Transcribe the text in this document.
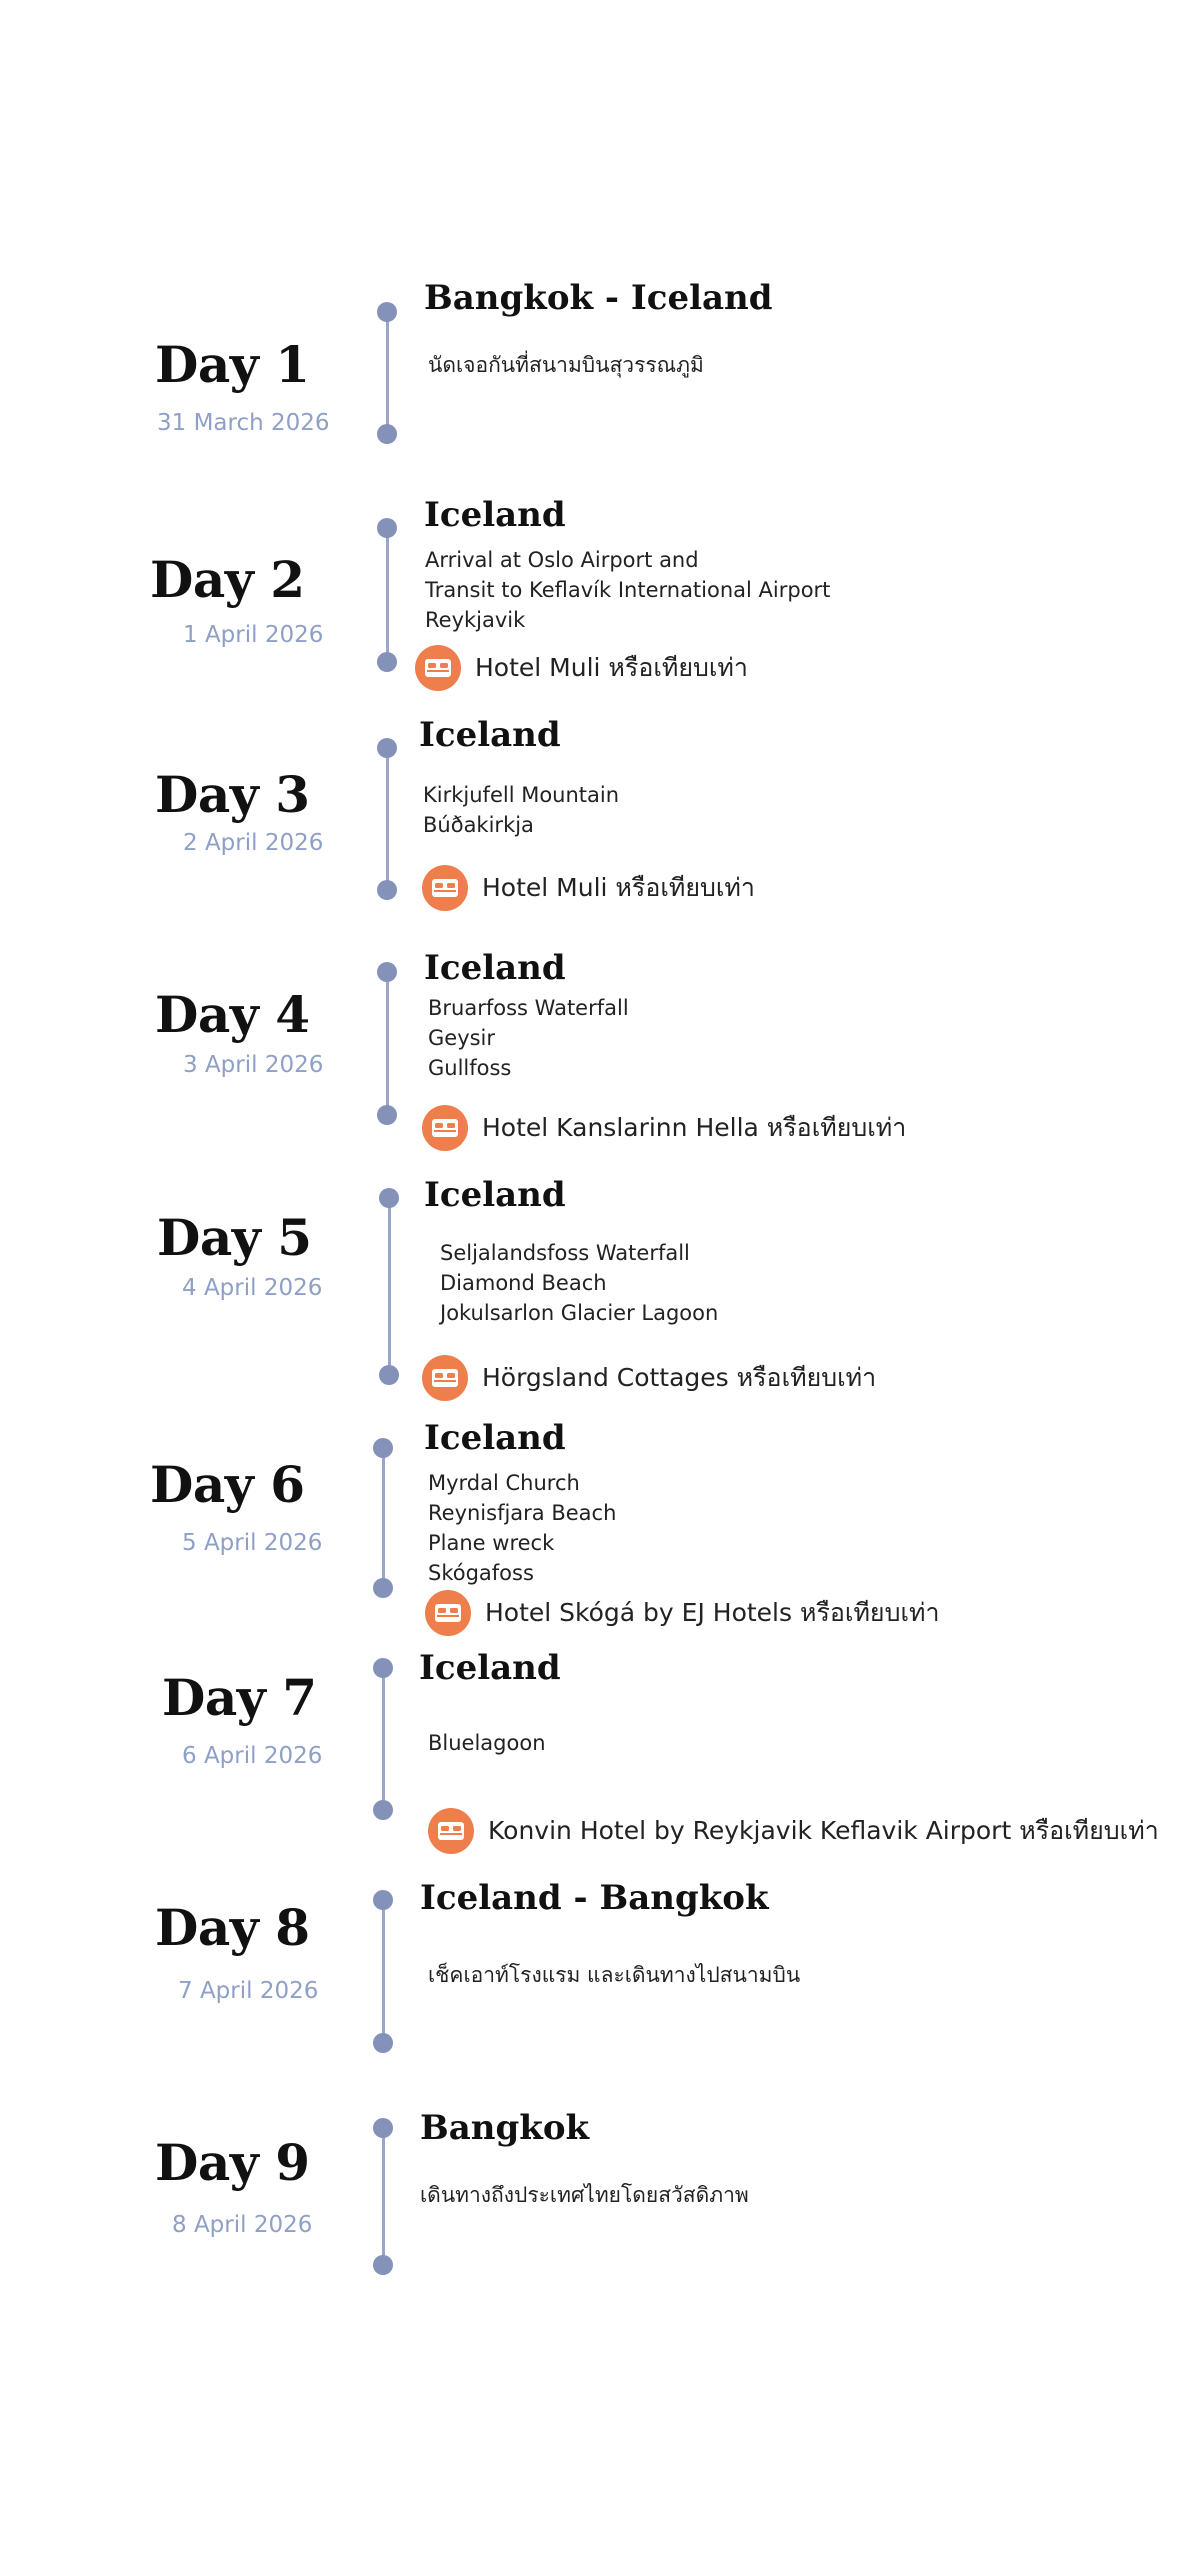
Day 1
31 March 2026
Bangkok - Iceland
นัดเจอกันที่สนามบินสุวรรณภูมิ
Day 2
1 April 2026
Iceland
Arrival at Oslo Airport and
Transit to Keflavík International Airport
Reykjavik
Hotel Muli หรือเทียบเท่า
Day 3
2 April 2026
Iceland
Kirkjufell Mountain
Búðakirkja
Hotel Muli หรือเทียบเท่า
Day 4
3 April 2026
Iceland
Bruarfoss Waterfall
Geysir
Gullfoss
Hotel Kanslarinn Hella หรือเทียบเท่า
Day 5
4 April 2026
Iceland
Seljalandsfoss Waterfall
Diamond Beach
Jokulsarlon Glacier Lagoon
Hörgsland Cottages หรือเทียบเท่า
Day 6
5 April 2026
Iceland
Myrdal Church
Reynisfjara Beach
Plane wreck
Skógafoss
Hotel Skógá by EJ Hotels หรือเทียบเท่า
Day 7
6 April 2026
Iceland
Bluelagoon
Konvin Hotel by Reykjavik Keflavik Airport หรือเทียบเท่า
Day 8
7 April 2026
Iceland - Bangkok
เช็คเอาท์โรงแรม และเดินทางไปสนามบิน
Day 9
8 April 2026
Bangkok
เดินทางถึงประเทศไทยโดยสวัสดิภาพ
